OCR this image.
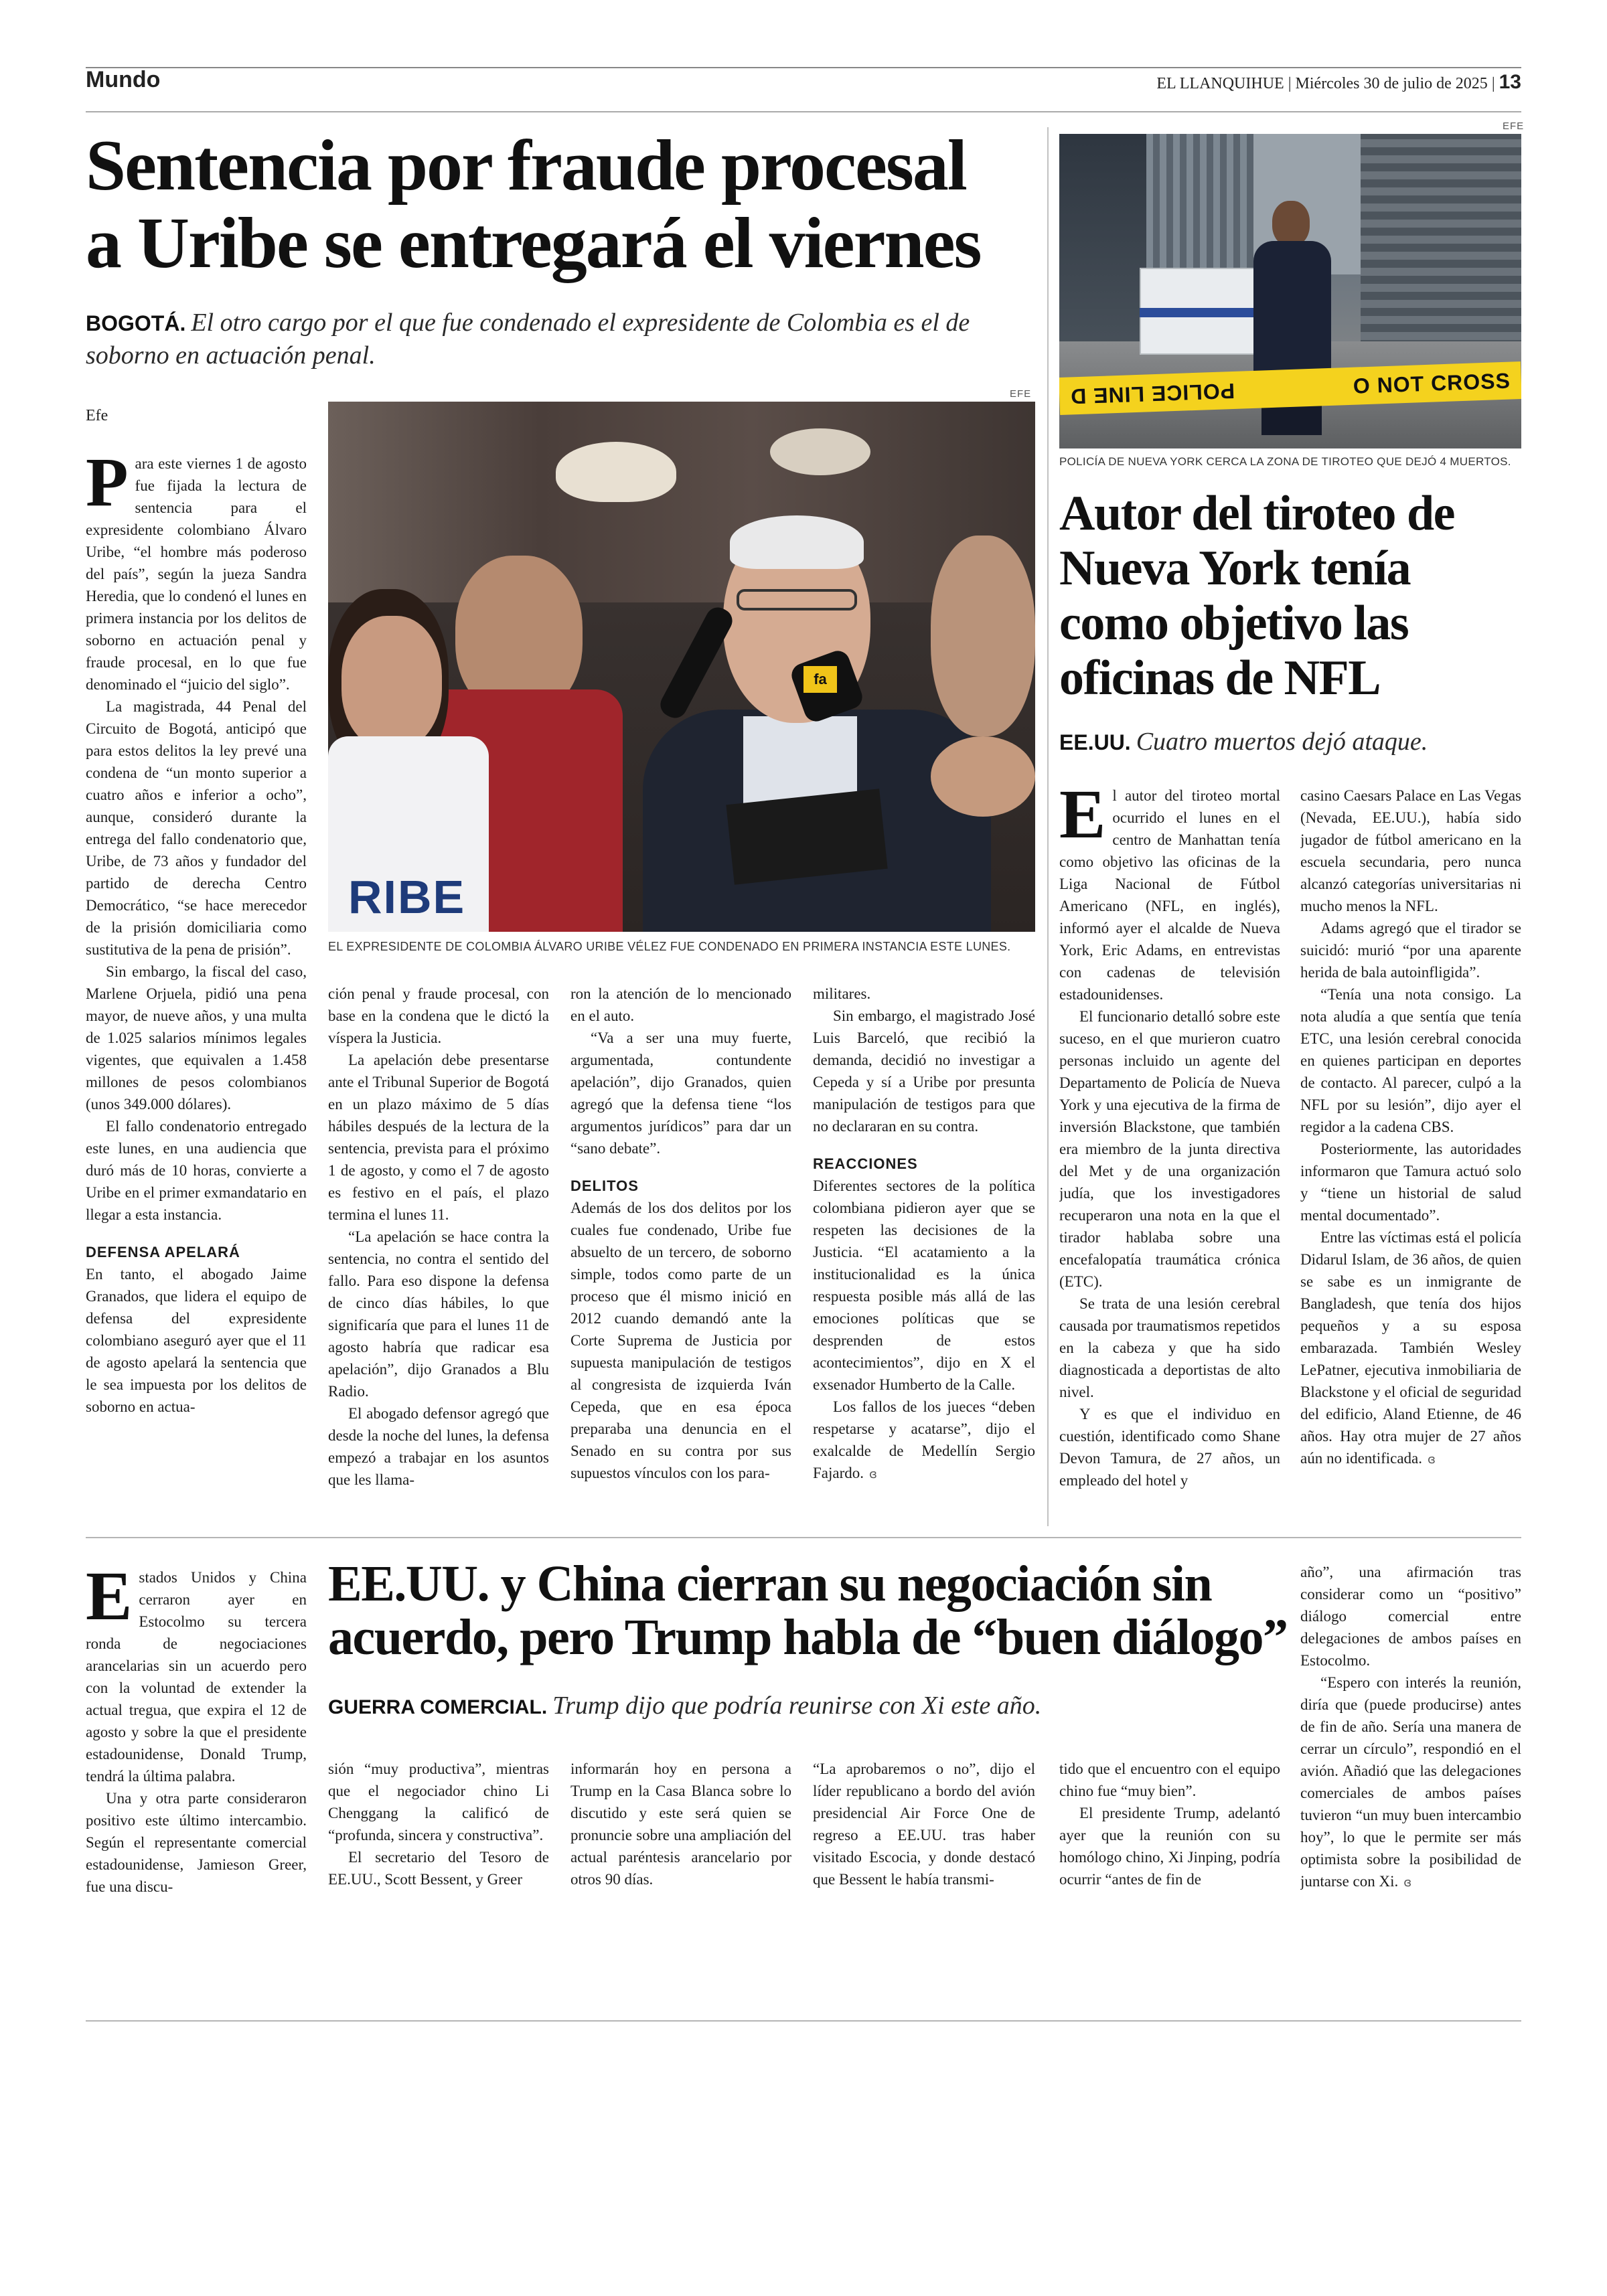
Mundo	EL LLANQUIHUE | Miércoles 30 de julio de 2025 | 13
Sentencia por fraude procesal
a Uribe se entregará el viernes
BOGOTÁ. El otro cargo por el que fue condenado el expresidente de Colombia es el de soborno en actuación penal.
Efe
EFE
RIBE
fa
EL EXPRESIDENTE DE COLOMBIA ÁLVARO URIBE VÉLEZ FUE CONDENADO EN PRIMERA INSTANCIA ESTE LUNES.

Para este viernes 1 de agosto fue fijada la lectura de sentencia para el expresidente colombiano Álvaro Uribe, “el hombre más poderoso del país”, según la jueza Sandra Heredia, que lo condenó el lunes en primera instancia por los delitos de soborno en actuación penal y fraude procesal, en lo que fue denominado el “juicio del siglo”.

La magistrada, 44 Penal del Circuito de Bogotá, anticipó que para estos delitos la ley prevé una condena de “un monto superior a cuatro años e inferior a ocho”, aunque, consideró durante la entrega del fallo condenatorio que, Uribe, de 73 años y fundador del partido de derecha Centro Democrático, “se hace merecedor de la prisión domiciliaria como sustitutiva de la pena de prisión”.

Sin embargo, la fiscal del caso, Marlene Orjuela, pidió una pena mayor, de nueve años, y una multa de 1.025 salarios mínimos legales vigentes, que equivalen a 1.458 millones de pesos colombianos (unos 349.000 dólares).

El fallo condenatorio entregado este lunes, en una audiencia que duró más de 10 horas, convierte a Uribe en el primer exmandatario en llegar a esta instancia.

DEFENSA APELARÁ

En tanto, el abogado Jaime Granados, que lidera el equipo de defensa del expresidente colombiano aseguró ayer que el 11 de agosto apelará la sentencia que le sea impuesta por los delitos de soborno en actua-

ción penal y fraude procesal, con base en la condena que le dictó la víspera la Justicia.

La apelación debe presentarse ante el Tribunal Superior de Bogotá en un plazo máximo de 5 días hábiles después de la lectura de la sentencia, prevista para el próximo 1 de agosto, y como el 7 de agosto es festivo en el país, el plazo termina el lunes 11.

“La apelación se hace contra la sentencia, no contra el sentido del fallo. Para eso dispone la defensa de cinco días hábiles, lo que significaría que para el lunes 11 de agosto habría que radicar esa apelación”, dijo Granados a Blu Radio.

El abogado defensor agregó que desde la noche del lunes, la defensa empezó a trabajar en los asuntos que les llama-

ron la atención de lo mencionado en el auto.

“Va a ser una muy fuerte, argumentada, contundente apelación”, dijo Granados, quien agregó que la defensa tiene “los argumentos jurídicos” para dar un “sano debate”.

DELITOS

Además de los dos delitos por los cuales fue condenado, Uribe fue absuelto de un tercero, de soborno simple, todos como parte de un proceso que él mismo inició en 2012 cuando demandó ante la Corte Suprema de Justicia por supuesta manipulación de testigos al congresista de izquierda Iván Cepeda, que en esa época preparaba una denuncia en el Senado en su contra por sus supuestos vínculos con los para-

militares.

Sin embargo, el magistrado José Luis Barceló, que recibió la demanda, decidió no investigar a Cepeda y sí a Uribe por presunta manipulación de testigos para que no declararan en su contra.

REACCIONES

Diferentes sectores de la política colombiana pidieron ayer que se respeten las decisiones de la Justicia. “El acatamiento a la institucionalidad es la única respuesta posible más allá de las emociones políticas que se desprenden de estos acontecimientos”, dijo en X el exsenador Humberto de la Calle.

Los fallos de los jueces “deben respetarse y acatarse”, dijo el exalcalde de Medellín Sergio Fajardo. ɞ

EFE
POLICE LINE D	O NOT CROSS
POLICÍA DE NUEVA YORK CERCA LA ZONA DE TIROTEO QUE DEJÓ 4 MUERTOS.
Autor del tiroteo de
Nueva York tenía
como objetivo las
oficinas de NFL
EE.UU. Cuatro muertos dejó ataque.

El autor del tiroteo mortal ocurrido el lunes en el centro de Manhattan tenía como objetivo las oficinas de la Liga Nacional de Fútbol Americano (NFL, en inglés), informó ayer el alcalde de Nueva York, Eric Adams, en entrevistas con cadenas de televisión estadounidenses.

El funcionario detalló sobre este suceso, en el que murieron cuatro personas incluido un agente del Departamento de Policía de Nueva York y una ejecutiva de la firma de inversión Blackstone, que también era miembro de la junta directiva del Met y de una organización judía, que los investigadores recuperaron una nota en la que el tirador hablaba sobre una encefalopatía traumática crónica (ETC).

Se trata de una lesión cerebral causada por traumatismos repetidos en la cabeza y que ha sido diagnosticada a deportistas de alto nivel.

Y es que el individuo en cuestión, identificado como Shane Devon Tamura, de 27 años, un empleado del hotel y

casino Caesars Palace en Las Vegas (Nevada, EE.UU.), había sido jugador de fútbol americano en la escuela secundaria, pero nunca alcanzó categorías universitarias ni mucho menos la NFL.

Adams agregó que el tirador se suicidó: murió “por una aparente herida de bala autoinfligida”.

“Tenía una nota consigo. La nota aludía a que sentía que tenía ETC, una lesión cerebral conocida en quienes participan en deportes de contacto. Al parecer, culpó a la NFL por su lesión”, dijo ayer el regidor a la cadena CBS.

Posteriormente, las autoridades informaron que Tamura actuó solo y “tiene un historial de salud mental documentado”.

Entre las víctimas está el policía Didarul Islam, de 36 años, de quien se sabe es un inmigrante de Bangladesh, que tenía dos hijos pequeños y a su esposa embarazada. También Wesley LePatner, ejecutiva inmobiliaria de Blackstone y el oficial de seguridad del edificio, Aland Etienne, de 46 años. Hay otra mujer de 27 años aún no identificada. ɞ

Estados Unidos y China cerraron ayer en Estocolmo su tercera ronda de negociaciones arancelarias sin un acuerdo pero con la voluntad de extender la actual tregua, que expira el 12 de agosto y sobre la que el presidente estadounidense, Donald Trump, tendrá la última palabra.

Una y otra parte consideraron positivo este último intercambio. Según el representante comercial estadounidense, Jamieson Greer, fue una discu-

EE.UU. y China cierran su negociación sin
acuerdo, pero Trump habla de “buen diálogo”
GUERRA COMERCIAL. Trump dijo que podría reunirse con Xi este año.

sión “muy productiva”, mientras que el negociador chino Li Chenggang la calificó de “profunda, sincera y constructiva”.

El secretario del Tesoro de EE.UU., Scott Bessent, y Greer

informarán hoy en persona a Trump en la Casa Blanca sobre lo discutido y este será quien se pronuncie sobre una ampliación del actual paréntesis arancelario por otros 90 días.

“La aprobaremos o no”, dijo el líder republicano a bordo del avión presidencial Air Force One de regreso a EE.UU. tras haber visitado Escocia, y donde destacó que Bessent le había transmi-

tido que el encuentro con el equipo chino fue “muy bien”.

El presidente Trump, adelantó ayer que la reunión con su homólogo chino, Xi Jinping, podría ocurrir “antes de fin de

año”, una afirmación tras considerar como un “positivo” diálogo comercial entre delegaciones de ambos países en Estocolmo.

“Espero con interés la reunión, diría que (puede producirse) antes de fin de año. Sería una manera de cerrar un círculo”, respondió en el avión. Añadió que las delegaciones comerciales de ambos países tuvieron “un muy buen intercambio hoy”, lo que le permite ser más optimista sobre la posibilidad de juntarse con Xi. ɞ
